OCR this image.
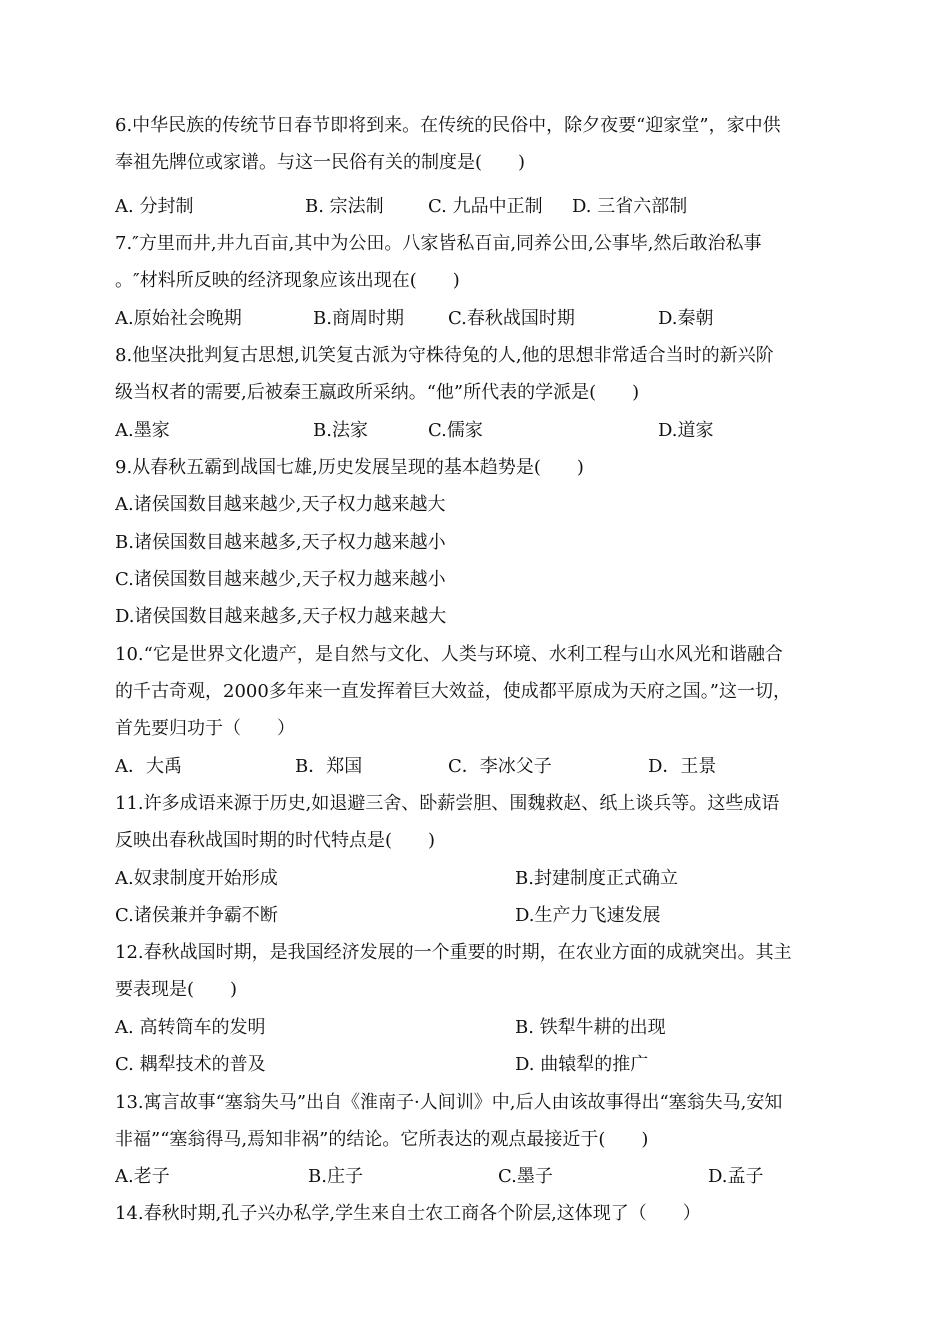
6.中华民族的传统节日春节即将到来。在传统的民俗中，除夕夜要“迎家堂”，家中供
奉祖先牌位或家谱。与这一民俗有关的制度是(　　)
A. 分封制	B. 宗法制 C. 九品中正制 D. 三省六部制
7.″方里而井,井九百亩,其中为公田。八家皆私百亩,同养公田,公事毕,然后敢治私事
。″材料所反映的经济现象应该出现在(　　)
A.原始社会晚期	B.商周时期 C.春秋战国时期	D.秦朝
8.他坚决批判复古思想,讥笑复古派为守株待兔的人,他的思想非常适合当时的新兴阶
级当权者的需要,后被秦王嬴政所采纳。“他”所代表的学派是(　　)
A.墨家	B.法家	C.儒家	D.道家
9.从春秋五霸到战国七雄,历史发展呈现的基本趋势是(　　)
A.诸侯国数目越来越少,天子权力越来越大
B.诸侯国数目越来越多,天子权力越来越小
C.诸侯国数目越来越少,天子权力越来越小
D.诸侯国数目越来越多,天子权力越来越大
10.“它是世界文化遗产，是自然与文化、人类与环境、水利工程与山水风光和谐融合
的千古奇观，2000多年来一直发挥着巨大效益，使成都平原成为天府之国。”这一切，
首先要归功于（　　）
A．大禹	B．郑国	C．李冰父子	D．王景
11.许多成语来源于历史,如退避三舍、卧薪尝胆、围魏救赵、纸上谈兵等。这些成语
反映出春秋战国时期的时代特点是(　　)
A.奴隶制度开始形成	B.封建制度正式确立
C.诸侯兼并争霸不断	D.生产力飞速发展
12.春秋战国时期，是我国经济发展的一个重要的时期，在农业方面的成就突出。其主
要表现是(　　)
A. 高转筒车的发明	B. 铁犁牛耕的出现
C. 耦犁技术的普及	D. 曲辕犁的推广
13.寓言故事“塞翁失马”出自《淮南子·人间训》中,后人由该故事得出“塞翁失马,安知
非福”“塞翁得马,焉知非祸”的结论。它所表达的观点最接近于(　　)
A.老子	B.庄子	C.墨子	D.孟子
14.春秋时期,孔子兴办私学,学生来自士农工商各个阶层,这体现了（　　）
